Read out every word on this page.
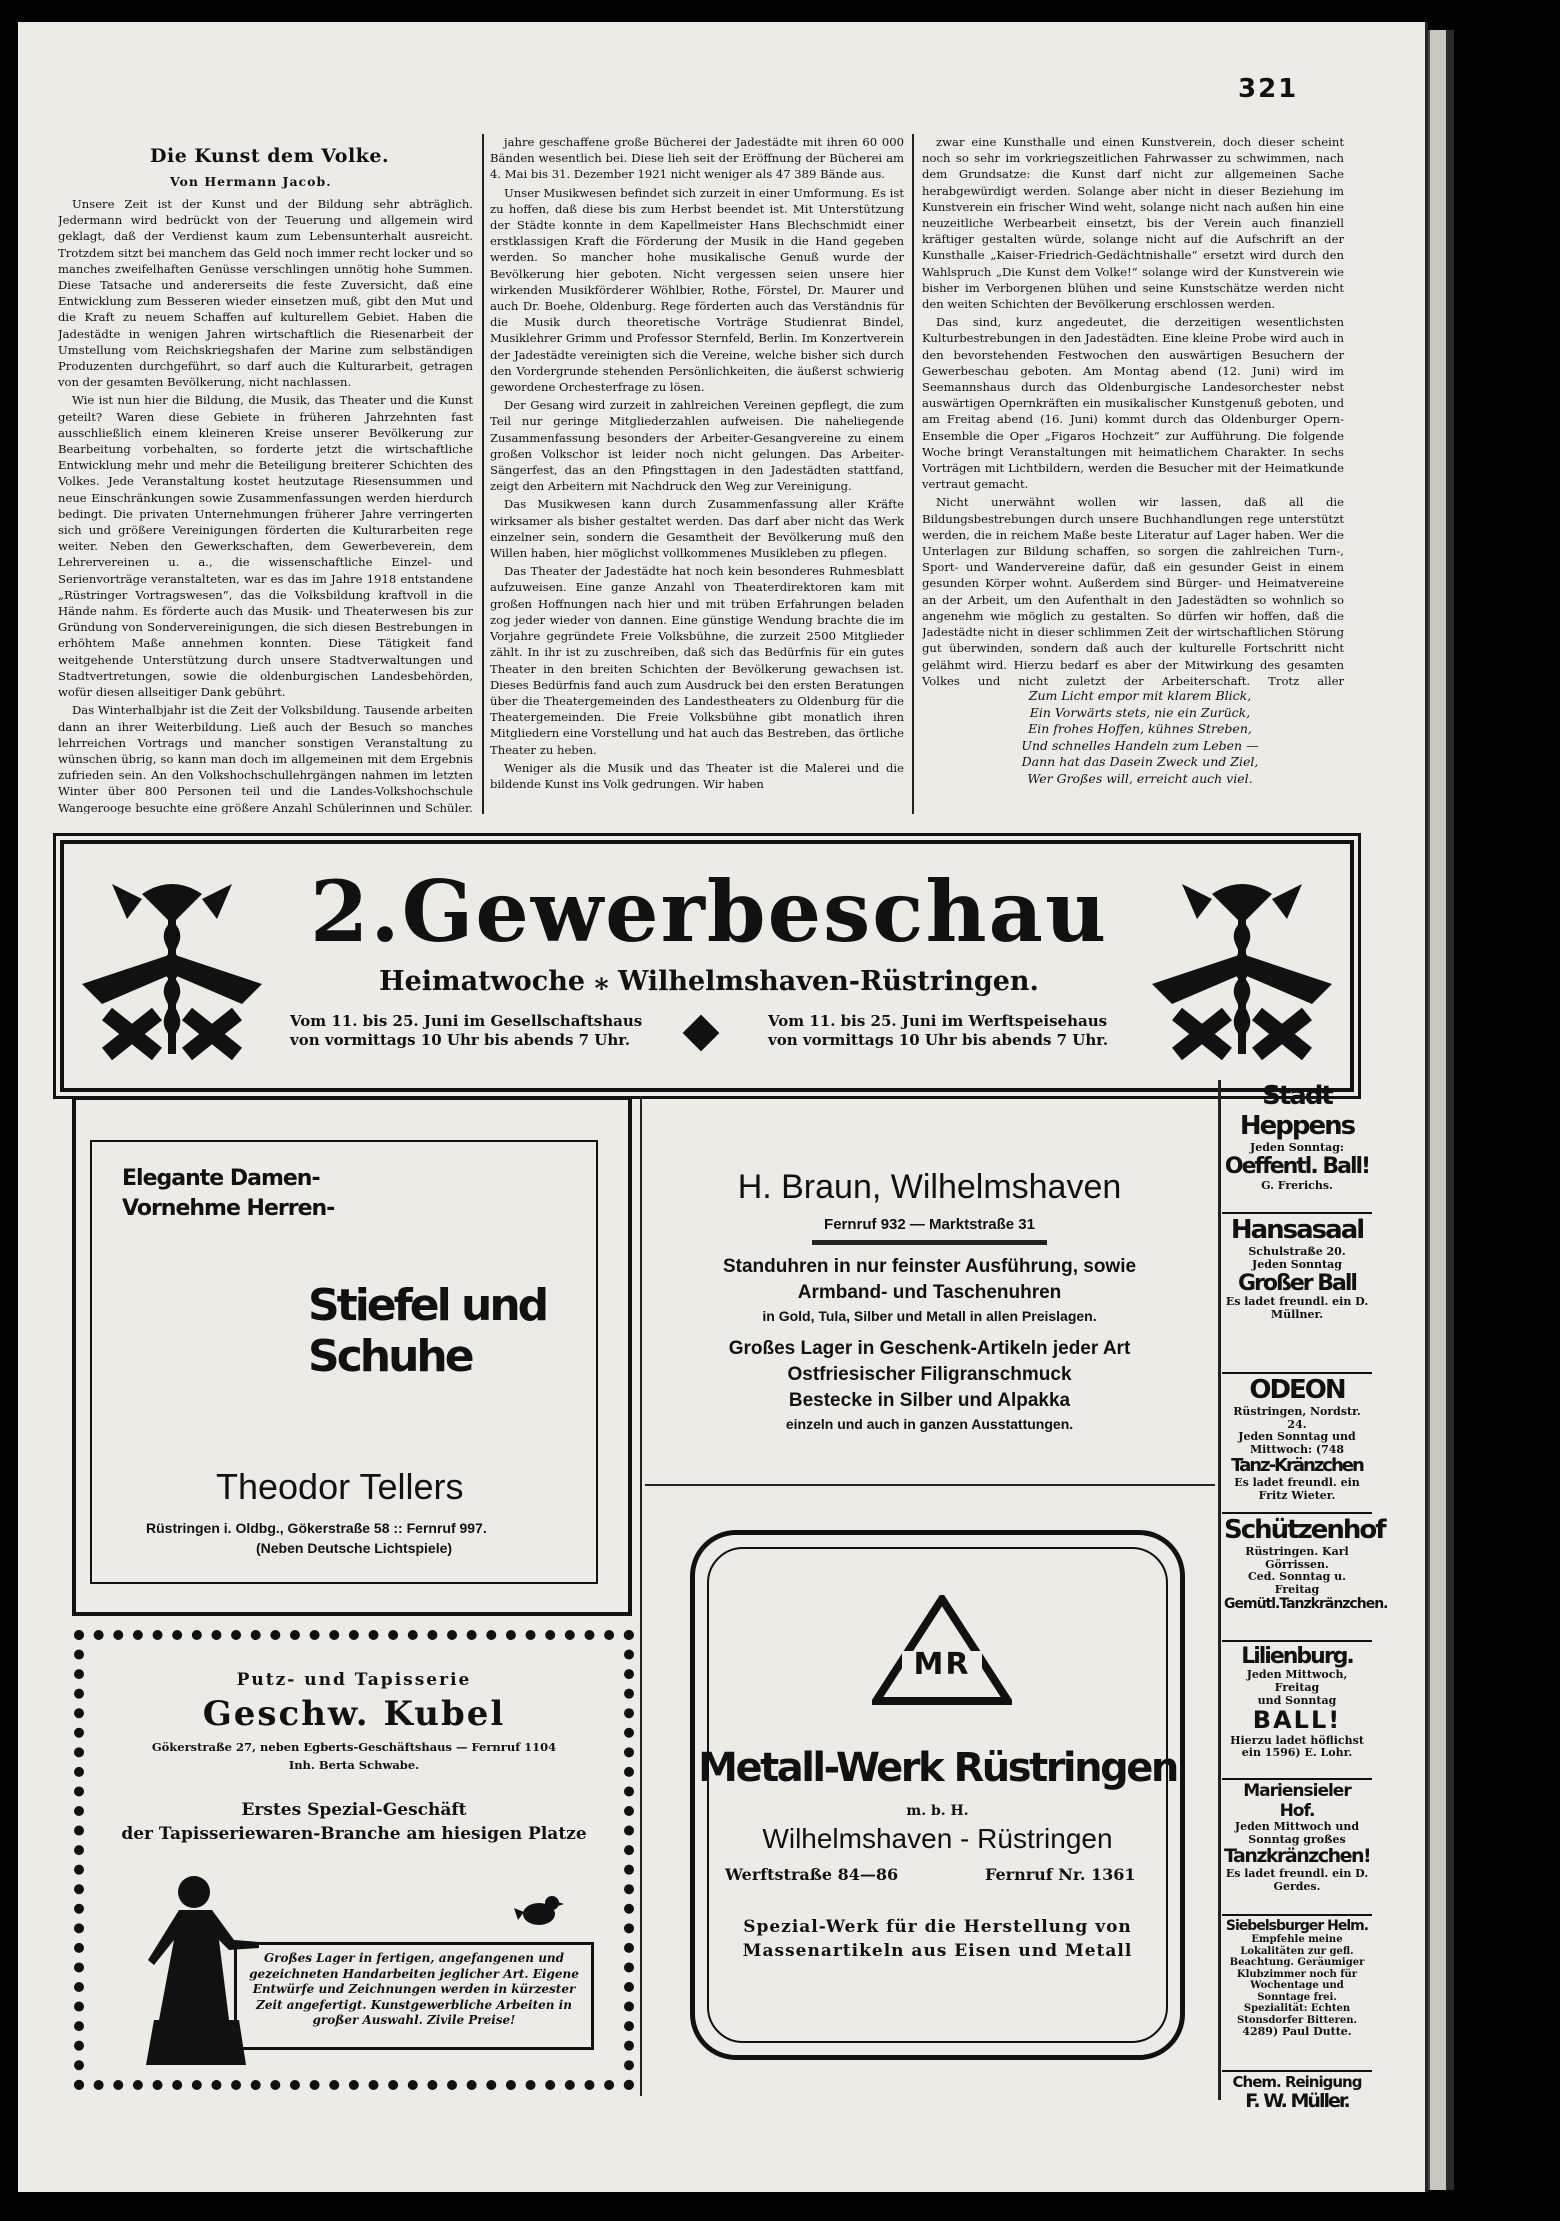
321
Die Kunst dem Volke.
Von Hermann Jacob.

Unsere Zeit ist der Kunst und der Bildung sehr abträglich. Jedermann wird bedrückt von der Teuerung und allgemein wird geklagt, daß der Verdienst kaum zum Lebensunterhalt ausreicht. Trotzdem sitzt bei manchem das Geld noch immer recht locker und so manches zweifelhaften Genüsse verschlingen unnötig hohe Summen. Diese Tatsache und andererseits die feste Zuversicht, daß eine Entwicklung zum Besseren wieder einsetzen muß, gibt den Mut und die Kraft zu neuem Schaffen auf kulturellem Gebiet. Haben die Jadestädte in wenigen Jahren wirtschaftlich die Riesenarbeit der Umstellung vom Reichskriegshafen der Marine zum selbständigen Produzenten durchgeführt, so darf auch die Kulturarbeit, getragen von der gesamten Bevölkerung, nicht nachlassen.

Wie ist nun hier die Bildung, die Musik, das Theater und die Kunst geteilt? Waren diese Gebiete in früheren Jahrzehnten fast ausschließlich einem kleineren Kreise unserer Bevölkerung zur Bearbeitung vorbehalten, so forderte jetzt die wirtschaftliche Entwicklung mehr und mehr die Beteiligung breiterer Schichten des Volkes. Jede Veranstaltung kostet heutzutage Riesensummen und neue Einschränkungen sowie Zusammenfassungen werden hierdurch bedingt. Die privaten Unternehmungen früherer Jahre verringerten sich und größere Vereinigungen förderten die Kulturarbeiten rege weiter. Neben den Gewerkschaften, dem Gewerbeverein, dem Lehrervereinen u. a., die wissenschaftliche Einzel- und Serienvorträge veranstalteten, war es das im Jahre 1918 entstandene „Rüstringer Vortragswesen“, das die Volksbildung kraftvoll in die Hände nahm. Es förderte auch das Musik- und Theaterwesen bis zur Gründung von Sondervereinigungen, die sich diesen Bestrebungen in erhöhtem Maße annehmen konnten. Diese Tätigkeit fand weitgehende Unterstützung durch unsere Stadtverwaltungen und Stadtvertretungen, sowie die oldenburgischen Landesbehörden, wofür diesen allseitiger Dank gebührt.

Das Winterhalbjahr ist die Zeit der Volksbildung. Tausende arbeiten dann an ihrer Weiterbildung. Ließ auch der Besuch so manches lehrreichen Vortrags und mancher sonstigen Veranstaltung zu wünschen übrig, so kann man doch im allgemeinen mit dem Ergebnis zufrieden sein. An den Volkshochschullehrgängen nahmen im letzten Winter über 800 Personen teil und die Landes-Volkshochschule Wangerooge besuchte eine größere Anzahl Schülerinnen und Schüler.

jahre geschaffene große Bücherei der Jadestädte mit ihren 60 000 Bänden wesentlich bei. Diese lieh seit der Eröffnung der Bücherei am 4. Mai bis 31. Dezember 1921 nicht weniger als 47 389 Bände aus.

Unser Musikwesen befindet sich zurzeit in einer Umformung. Es ist zu hoffen, daß diese bis zum Herbst beendet ist. Mit Unterstützung der Städte konnte in dem Kapellmeister Hans Blechschmidt einer erstklassigen Kraft die Förderung der Musik in die Hand gegeben werden. So mancher hohe musikalische Genuß wurde der Bevölkerung hier geboten. Nicht vergessen seien unsere hier wirkenden Musikförderer Wöhlbier, Rothe, Förstel, Dr. Maurer und auch Dr. Boehe, Oldenburg. Rege förderten auch das Verständnis für die Musik durch theoretische Vorträge Studienrat Bindel, Musiklehrer Grimm und Professor Sternfeld, Berlin. Im Konzertverein der Jadestädte vereinigten sich die Vereine, welche bisher sich durch den Vordergrunde stehenden Persönlichkeiten, die äußerst schwierig gewordene Orchesterfrage zu lösen.

Der Gesang wird zurzeit in zahlreichen Vereinen gepflegt, die zum Teil nur geringe Mitgliederzahlen aufweisen. Die naheliegende Zusammenfassung besonders der Arbeiter-Gesangvereine zu einem großen Volkschor ist leider noch nicht gelungen. Das Arbeiter-Sängerfest, das an den Pfingsttagen in den Jadestädten stattfand, zeigt den Arbeitern mit Nachdruck den Weg zur Vereinigung.

Das Musikwesen kann durch Zusammenfassung aller Kräfte wirksamer als bisher gestaltet werden. Das darf aber nicht das Werk einzelner sein, sondern die Gesamtheit der Bevölkerung muß den Willen haben, hier möglichst vollkommenes Musikleben zu pflegen.

Das Theater der Jadestädte hat noch kein besonderes Ruhmesblatt aufzuweisen. Eine ganze Anzahl von Theaterdirektoren kam mit großen Hoffnungen nach hier und mit trüben Erfahrungen beladen zog jeder wieder von dannen. Eine günstige Wendung brachte die im Vorjahre gegründete Freie Volksbühne, die zurzeit 2500 Mitglieder zählt. In ihr ist zu zuschreiben, daß sich das Bedürfnis für ein gutes Theater in den breiten Schichten der Bevölkerung gewachsen ist. Dieses Bedürfnis fand auch zum Ausdruck bei den ersten Beratungen über die Theatergemeinden des Landestheaters zu Oldenburg für die Theatergemeinden. Die Freie Volksbühne gibt monatlich ihren Mitgliedern eine Vorstellung und hat auch das Bestreben, das örtliche Theater zu heben.

Weniger als die Musik und das Theater ist die Malerei und die bildende Kunst ins Volk gedrungen. Wir haben

zwar eine Kunsthalle und einen Kunstverein, doch dieser scheint noch so sehr im vorkriegszeitlichen Fahrwasser zu schwimmen, nach dem Grundsatze: die Kunst darf nicht zur allgemeinen Sache herabgewürdigt werden. Solange aber nicht in dieser Beziehung im Kunstverein ein frischer Wind weht, solange nicht nach außen hin eine neuzeitliche Werbearbeit einsetzt, bis der Verein auch finanziell kräftiger gestalten würde, solange nicht auf die Aufschrift an der Kunsthalle „Kaiser-Friedrich-Gedächtnishalle“ ersetzt wird durch den Wahlspruch „Die Kunst dem Volke!“ solange wird der Kunstverein wie bisher im Verborgenen blühen und seine Kunstschätze werden nicht den weiten Schichten der Bevölkerung erschlossen werden.

Das sind, kurz angedeutet, die derzeitigen wesentlichsten Kulturbestrebungen in den Jadestädten. Eine kleine Probe wird auch in den bevorstehenden Festwochen den auswärtigen Besuchern der Gewerbeschau geboten. Am Montag abend (12. Juni) wird im Seemannshaus durch das Oldenburgische Landesorchester nebst auswärtigen Opernkräften ein musikalischer Kunstgenuß geboten, und am Freitag abend (16. Juni) kommt durch das Oldenburger Opern-Ensemble die Oper „Figaros Hochzeit“ zur Aufführung. Die folgende Woche bringt Veranstaltungen mit heimatlichem Charakter. In sechs Vorträgen mit Lichtbildern, werden die Besucher mit der Heimatkunde vertraut gemacht.

Nicht unerwähnt wollen wir lassen, daß all die Bildungsbestrebungen durch unsere Buchhandlungen rege unterstützt werden, die in reichem Maße beste Literatur auf Lager haben. Wer die Unterlagen zur Bildung schaffen, so sorgen die zahlreichen Turn-, Sport- und Wandervereine dafür, daß ein gesunder Geist in einem gesunden Körper wohnt. Außerdem sind Bürger- und Heimatvereine an der Arbeit, um den Aufenthalt in den Jadestädten so wohnlich so angenehm wie möglich zu gestalten. So dürfen wir hoffen, daß die Jadestädte nicht in dieser schlimmen Zeit der wirtschaftlichen Störung gut überwinden, sondern daß auch der kulturelle Fortschritt nicht gelähmt wird. Hierzu bedarf es aber der Mitwirkung des gesamten Volkes und nicht zuletzt der Arbeiterschaft. Trotz aller

Zum Licht empor mit klarem Blick,
Ein Vorwärts stets, nie ein Zurück,
Ein frohes Hoffen, kühnes Streben,
Und schnelles Handeln zum Leben —
Dann hat das Dasein Zweck und Ziel,
Wer Großes will, erreicht auch viel.
2.Gewerbeschau
Heimatwoche ⁎ Wilhelmshaven-Rüstringen.
Vom 11. bis 25. Juni im Gesellschaftshaus
von vormittags 10 Uhr bis abends 7 Uhr.
Vom 11. bis 25. Juni im Werftspeisehaus
von vormittags 10 Uhr bis abends 7 Uhr.
Elegante Damen-
Vornehme Herren-
Stiefel und Schuhe
Theodor Tellers
Rüstringen i. Oldbg., Gökerstraße 58 :: Fernruf 997.
(Neben Deutsche Lichtspiele)
H. Braun, Wilhelmshaven
Fernruf 932 — Marktstraße 31
Standuhren in nur feinster Ausführung, sowie
Armband- und Taschenuhren
in Gold, Tula, Silber und Metall in allen Preislagen.
Großes Lager in Geschenk-Artikeln jeder Art
Ostfriesischer Filigranschmuck
Bestecke in Silber und Alpakka
einzeln und auch in ganzen Ausstattungen.
Putz- und Tapisserie
Geschw. Kubel
Gökerstraße 27, neben Egberts-Geschäftshaus — Fernruf 1104
Inh. Berta Schwabe.
Erstes Spezial-Geschäft
der Tapisseriewaren-Branche am hiesigen Platze
Großes Lager in fertigen, angefangenen und gezeichneten Handarbeiten jeglicher Art. Eigene Entwürfe und Zeichnungen werden in kürzester Zeit angefertigt. Kunstgewerbliche Arbeiten in großer Auswahl. Zivile Preise!
MR
Metall-Werk Rüstringen
m. b. H.
Wilhelmshaven - Rüstringen
Werftstraße 84—86	Fernruf Nr. 1361
Spezial-Werk für die Herstellung von
Massenartikeln aus Eisen und Metall
Stadt Heppens
Jeden Sonntag:
Oeffentl. Ball!
G. Frerichs.
Hansasaal
Schulstraße 20.
Jeden Sonntag
Großer Ball
Es ladet freundl. ein D. Müllner.
ODEON
Rüstringen, Nordstr. 24.
Jeden Sonntag und
Mittwoch: (748
Tanz-Kränzchen
Es ladet freundl. ein Fritz Wieter.
Schützenhof
Rüstringen. Karl Görrissen.
Ced. Sonntag u. Freitag
Gemütl.Tanzkränzchen.
Lilienburg.
Jeden Mittwoch, Freitag
und Sonntag
BALL!
Hierzu ladet höflichst ein 1596) E. Lohr.
Mariensieler Hof.
Jeden Mittwoch und
Sonntag großes
Tanzkränzchen!
Es ladet freundl. ein D. Gerdes.
Siebelsburger Helm.
Empfehle meine Lokalitäten zur gefl. Beachtung. Geräumiger Klubzimmer noch für Wochentage und Sonntage frei.
Spezialität: Echten Stonsdorfer Bitteren.
4289) Paul Dutte.
Chem. Reinigung
F. W. Müller.
